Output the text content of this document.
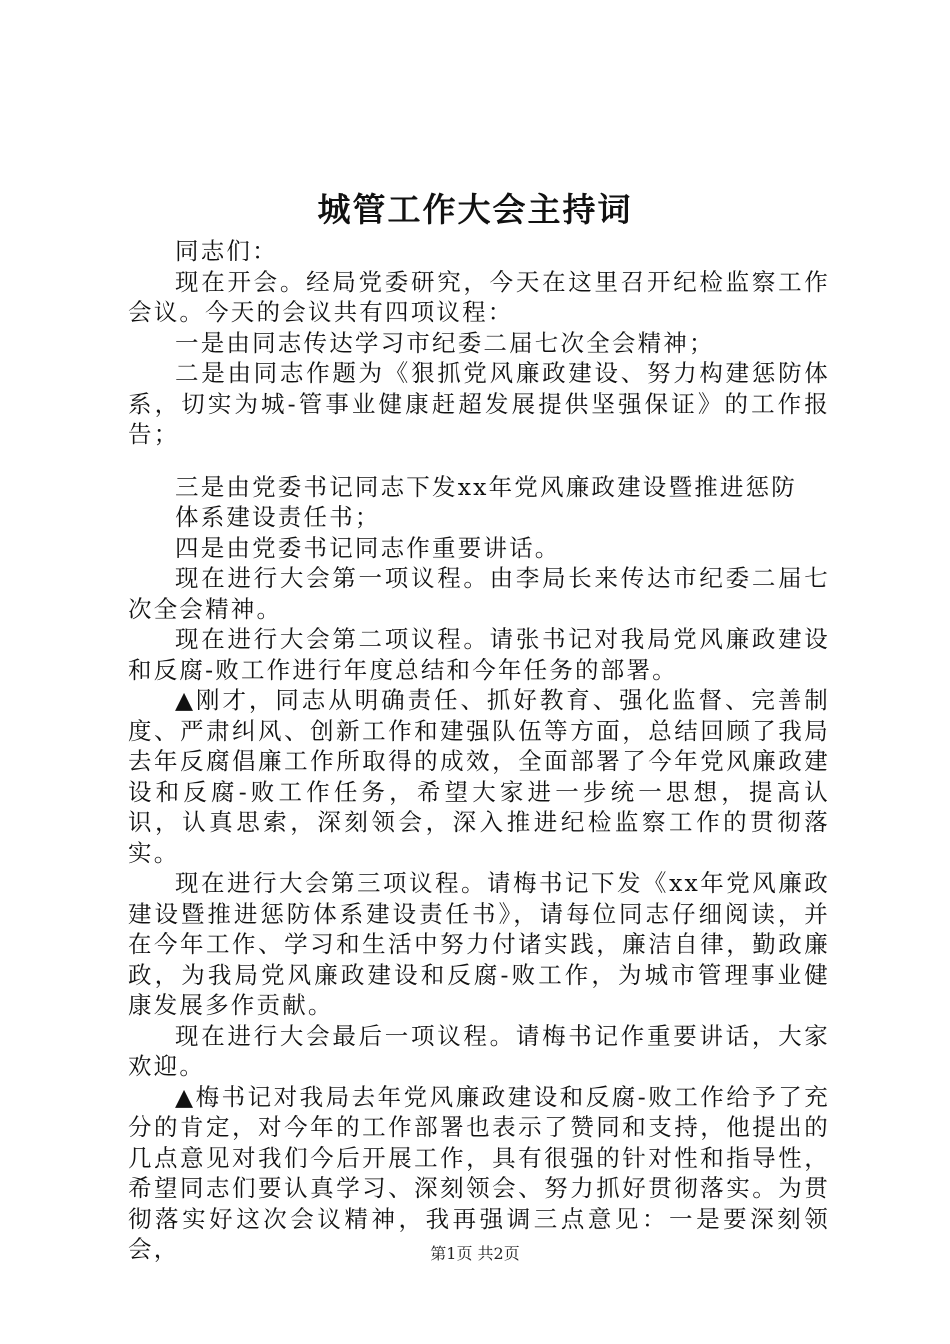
城管工作大会主持词

同志们：

现在开会。经局党委研究，今天在这里召开纪检监察工作会议。今天的会议共有四项议程：

一是由同志传达学习市纪委二届七次全会精神；

二是由同志作题为《狠抓党风廉政建设、努力构建惩防体系，切实为城-管事业健康赶超发展提供坚强保证》的工作报告；

三是由党委书记同志下发xx年党风廉政建设暨推进惩防

体系建设责任书；

四是由党委书记同志作重要讲话。

现在进行大会第一项议程。由李局长来传达市纪委二届七次全会精神。

现在进行大会第二项议程。请张书记对我局党风廉政建设和反腐-败工作进行年度总结和今年任务的部署。

▲刚才，同志从明确责任、抓好教育、强化监督、完善制度、严肃纠风、创新工作和建强队伍等方面，总结回顾了我局去年反腐倡廉工作所取得的成效，全面部署了今年党风廉政建设和反腐-败工作任务，希望大家进一步统一思想，提高认识，认真思索，深刻领会，深入推进纪检监察工作的贯彻落实。

现在进行大会第三项议程。请梅书记下发《xx年党风廉政建设暨推进惩防体系建设责任书》，请每位同志仔细阅读，并在今年工作、学习和生活中努力付诸实践，廉洁自律，勤政廉政，为我局党风廉政建设和反腐-败工作，为城市管理事业健康发展多作贡献。

现在进行大会最后一项议程。请梅书记作重要讲话，大家欢迎。

▲梅书记对我局去年党风廉政建设和反腐-败工作给予了充分的肯定，对今年的工作部署也表示了赞同和支持，他提出的几点意见对我们今后开展工作，具有很强的针对性和指导性，希望同志们要认真学习、深刻领会、努力抓好贯彻落实。为贯彻落实好这次会议精神，我再强调三点意见：一是要深刻领会，	第1页 共2页
